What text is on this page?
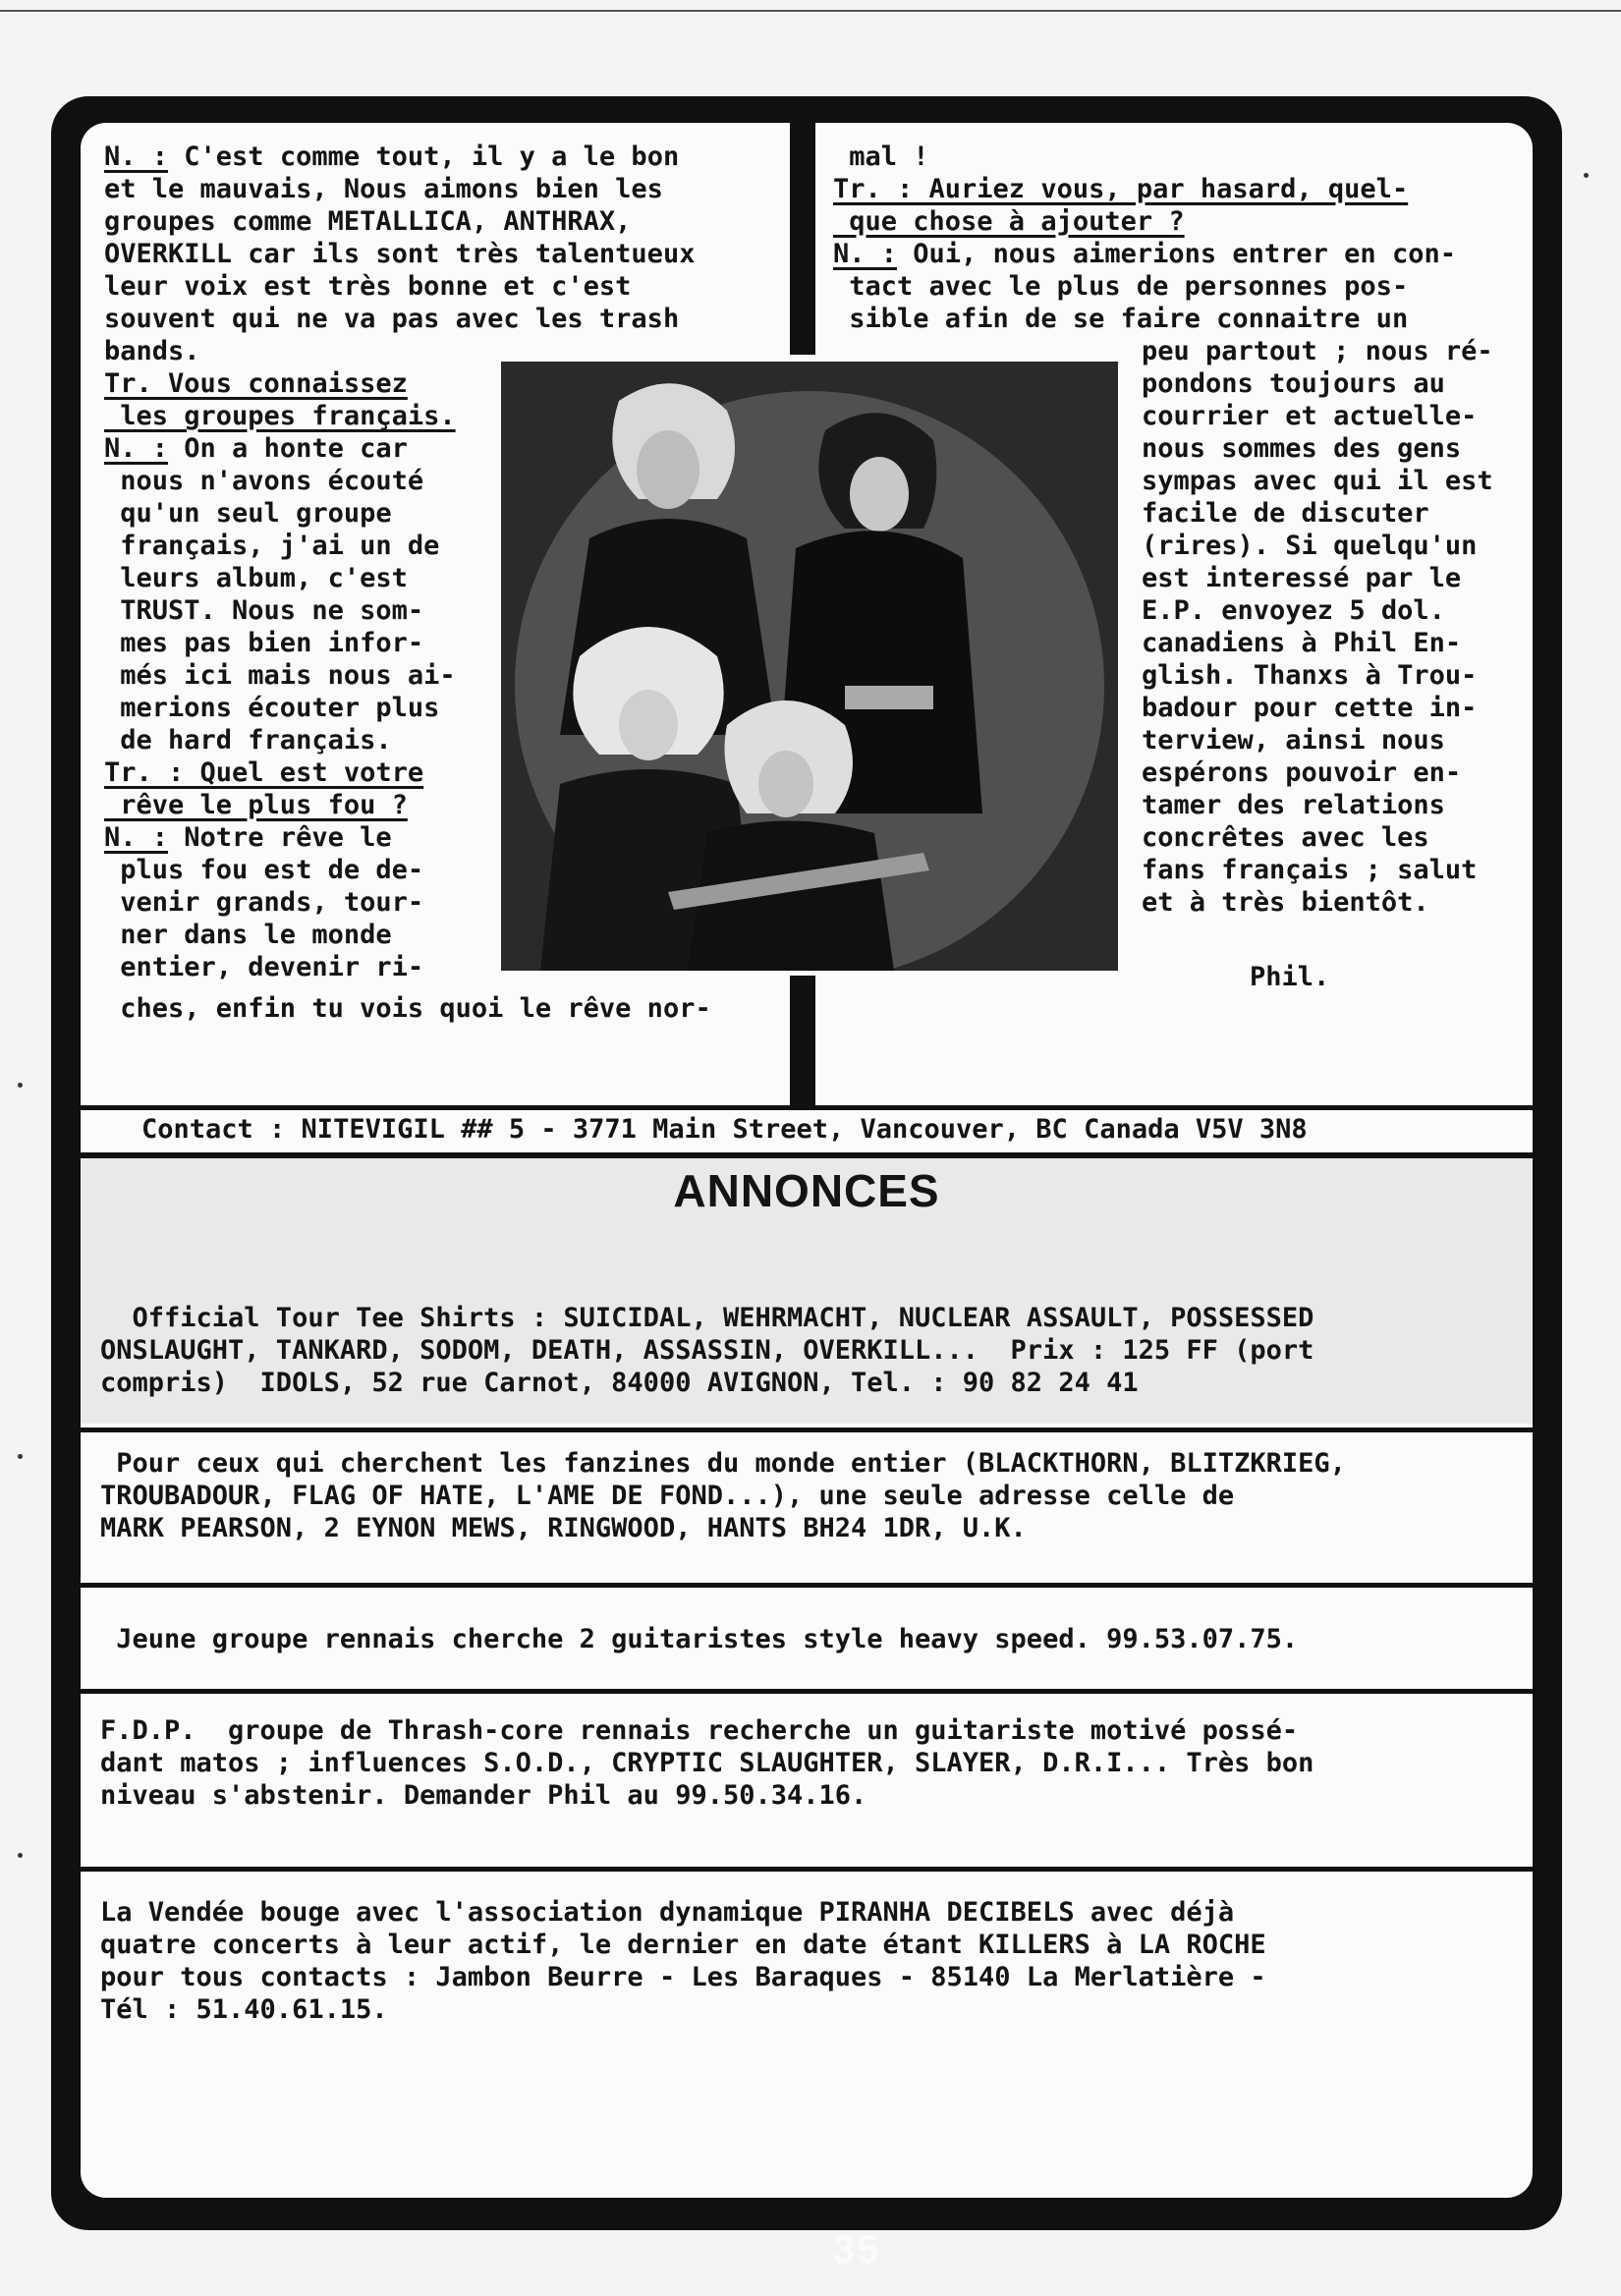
35
N. : C'est comme tout, il y a le bon
et le mauvais, Nous aimons bien les
groupes comme METALLICA, ANTHRAX,
OVERKILL car ils sont très talentueux
leur voix est très bonne et c'est
souvent qui ne va pas avec les trash
bands.
Tr. Vous connaissez
les groupes français.
N. : On a honte car
nous n'avons écouté
qu'un seul groupe
français, j'ai un de
leurs album, c'est
TRUST. Nous ne som-
mes pas bien infor-
més ici mais nous ai-
merions écouter plus
de hard français.
Tr. : Quel est votre
rêve le plus fou ?
N. : Notre rêve le
plus fou est de de-
venir grands, tour-
ner dans le monde
entier, devenir ri-
ches, enfin tu vois quoi le rêve nor-
mal !
Tr. : Auriez vous, par hasard, quel-
que chose à ajouter ?
N. : Oui, nous aimerions entrer en con-
tact avec le plus de personnes pos-
sible afin de se faire connaitre un
peu partout ; nous ré-
pondons toujours au
courrier et actuelle-
nous sommes des gens
sympas avec qui il est
facile de discuter
(rires). Si quelqu'un
est interessé par le
E.P. envoyez 5 dol.
canadiens à Phil En-
glish. Thanxs à Trou-
badour pour cette in-
terview, ainsi nous
espérons pouvoir en-
tamer des relations
concrêtes avec les
fans français ; salut
et à très bientôt.
Phil.
Contact : NITEVIGIL ## 5 - 3771 Main Street, Vancouver, BC Canada V5V 3N8
ANNONCES
Official Tour Tee Shirts : SUICIDAL, WEHRMACHT, NUCLEAR ASSAULT, POSSESSED
ONSLAUGHT, TANKARD, SODOM, DEATH, ASSASSIN, OVERKILL...  Prix : 125 FF (port
compris)  IDOLS, 52 rue Carnot, 84000 AVIGNON, Tel. : 90 82 24 41
Pour ceux qui cherchent les fanzines du monde entier (BLACKTHORN, BLITZKRIEG,
TROUBADOUR, FLAG OF HATE, L'AME DE FOND...), une seule adresse celle de
MARK PEARSON, 2 EYNON MEWS, RINGWOOD, HANTS BH24 1DR, U.K.
Jeune groupe rennais cherche 2 guitaristes style heavy speed. 99.53.07.75.
F.D.P.  groupe de Thrash-core rennais recherche un guitariste motivé possé-
dant matos ; influences S.O.D., CRYPTIC SLAUGHTER, SLAYER, D.R.I... Très bon
niveau s'abstenir. Demander Phil au 99.50.34.16.
La Vendée bouge avec l'association dynamique PIRANHA DECIBELS avec déjà
quatre concerts à leur actif, le dernier en date étant KILLERS à LA ROCHE
pour tous contacts : Jambon Beurre - Les Baraques - 85140 La Merlatière -
Tél : 51.40.61.15.
